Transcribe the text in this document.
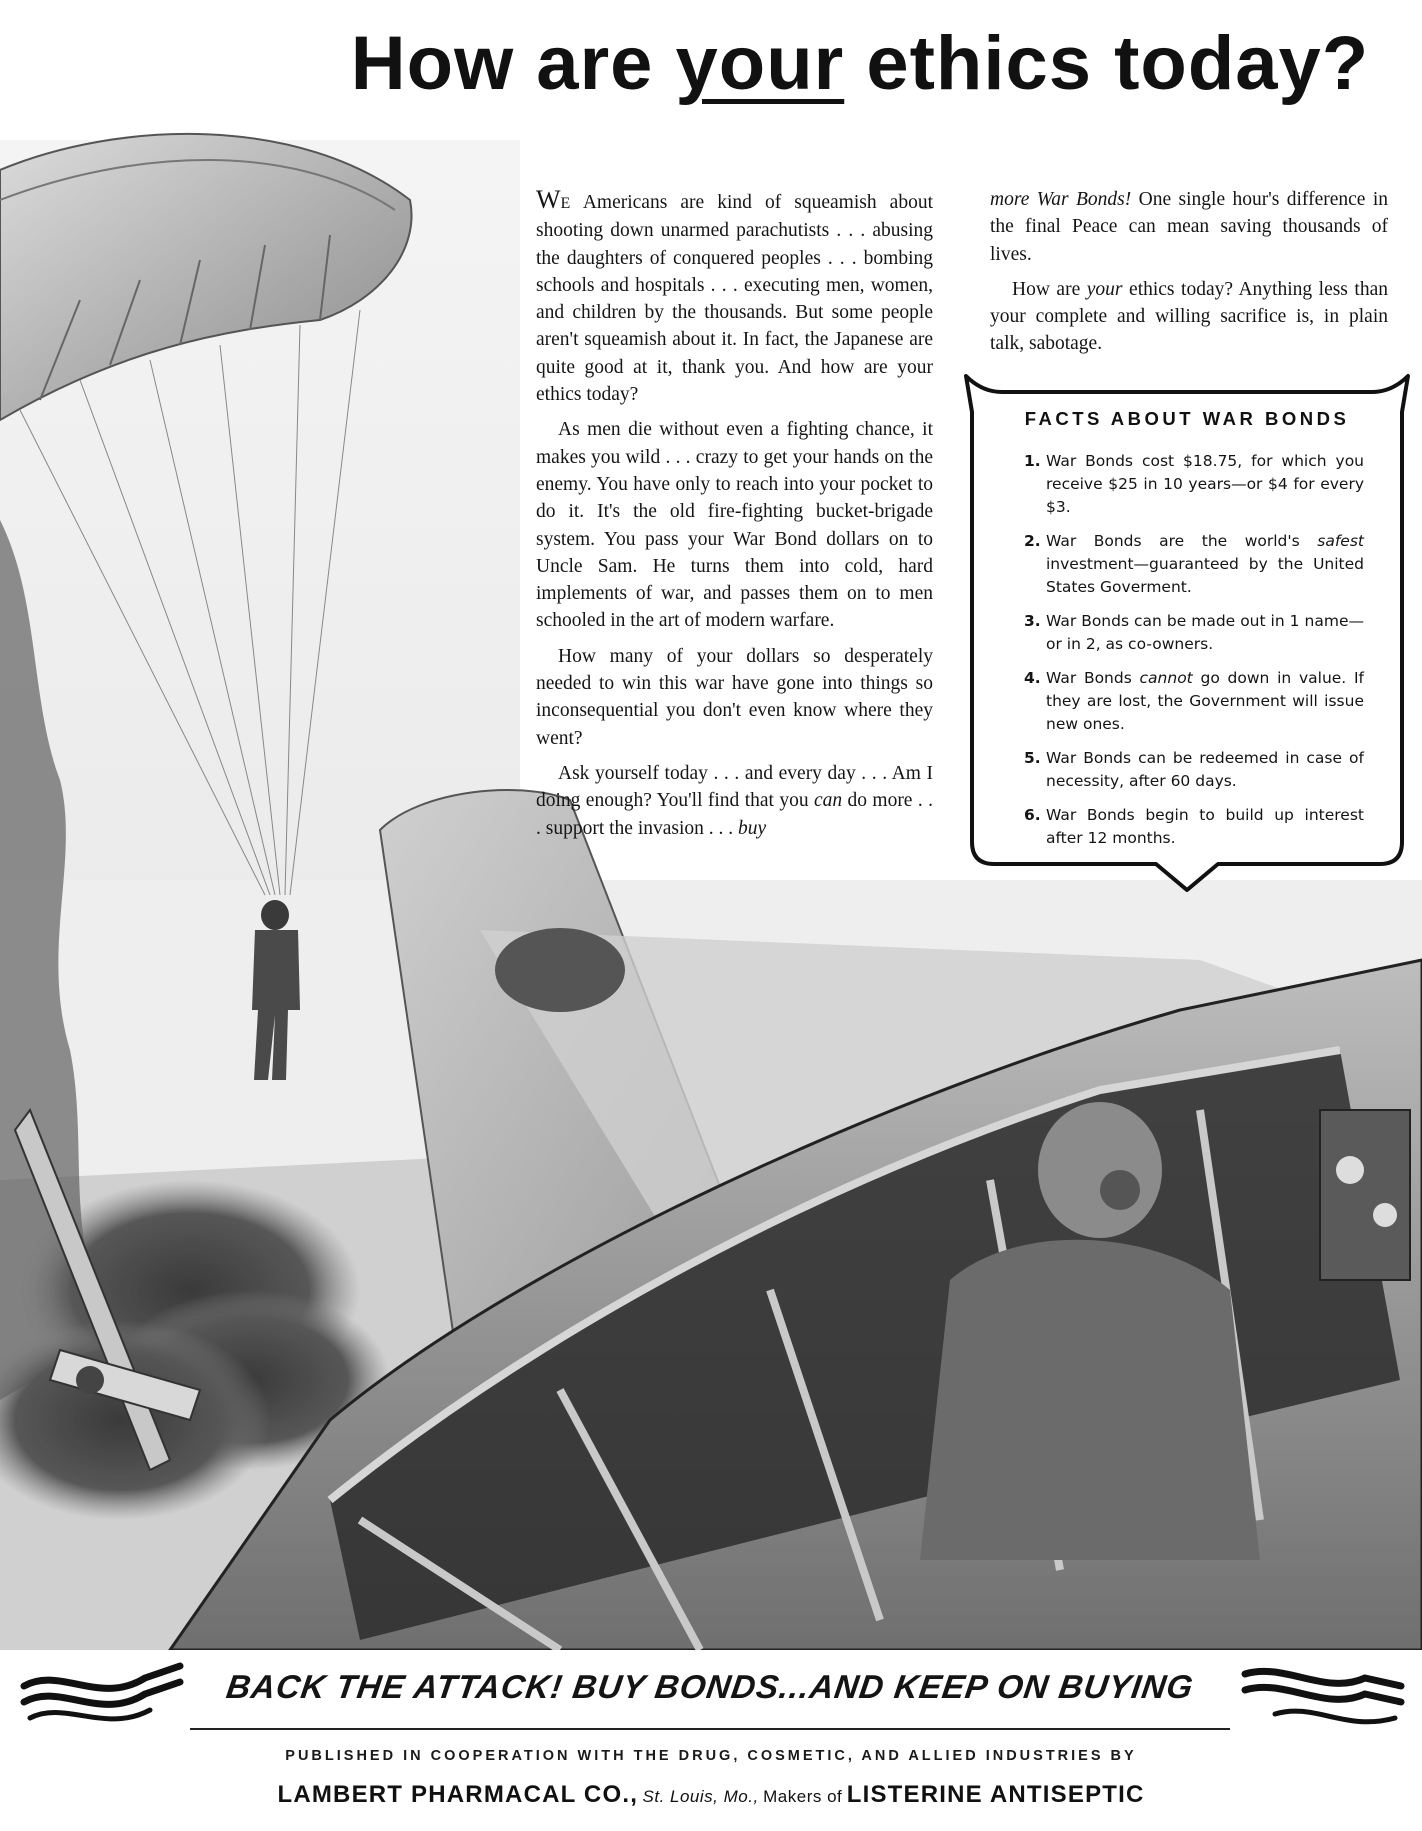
How are your ethics today?

WE Americans are kind of squeamish about shooting down unarmed parachutists . . . abusing the daughters of conquered peoples . . . bombing schools and hospitals . . . executing men, women, and children by the thousands. But some people aren't squeamish about it. In fact, the Japanese are quite good at it, thank you. And how are your ethics today?

As men die without even a fighting chance, it makes you wild . . . crazy to get your hands on the enemy. You have only to reach into your pocket to do it. It's the old fire-fighting bucket-brigade system. You pass your War Bond dollars on to Uncle Sam. He turns them into cold, hard implements of war, and passes them on to men schooled in the art of modern warfare.

How many of your dollars so desperately needed to win this war have gone into things so inconsequential you don't even know where they went?

Ask yourself today . . . and every day . . . Am I doing enough? You'll find that you can do more . . . support the invasion . . . buy

more War Bonds! One single hour's difference in the final Peace can mean saving thousands of lives.

How are your ethics today? Anything less than your complete and willing sacrifice is, in plain talk, sabotage.

FACTS ABOUT WAR BONDS
1. War Bonds cost $18.75, for which you receive $25 in 10 years—or $4 for every $3.
2. War Bonds are the world's safest investment—guaranteed by the United States Goverment.
3. War Bonds can be made out in 1 name—or in 2, as co-owners.
4. War Bonds cannot go down in value. If they are lost, the Government will issue new ones.
5. War Bonds can be redeemed in case of necessity, after 60 days.
6. War Bonds begin to build up interest after 12 months.
BACK THE ATTACK! BUY BONDS...AND KEEP ON BUYING
PUBLISHED IN COOPERATION WITH THE DRUG, COSMETIC, AND ALLIED INDUSTRIES BY
LAMBERT PHARMACAL CO., St. Louis, Mo., Makers of LISTERINE ANTISEPTIC
